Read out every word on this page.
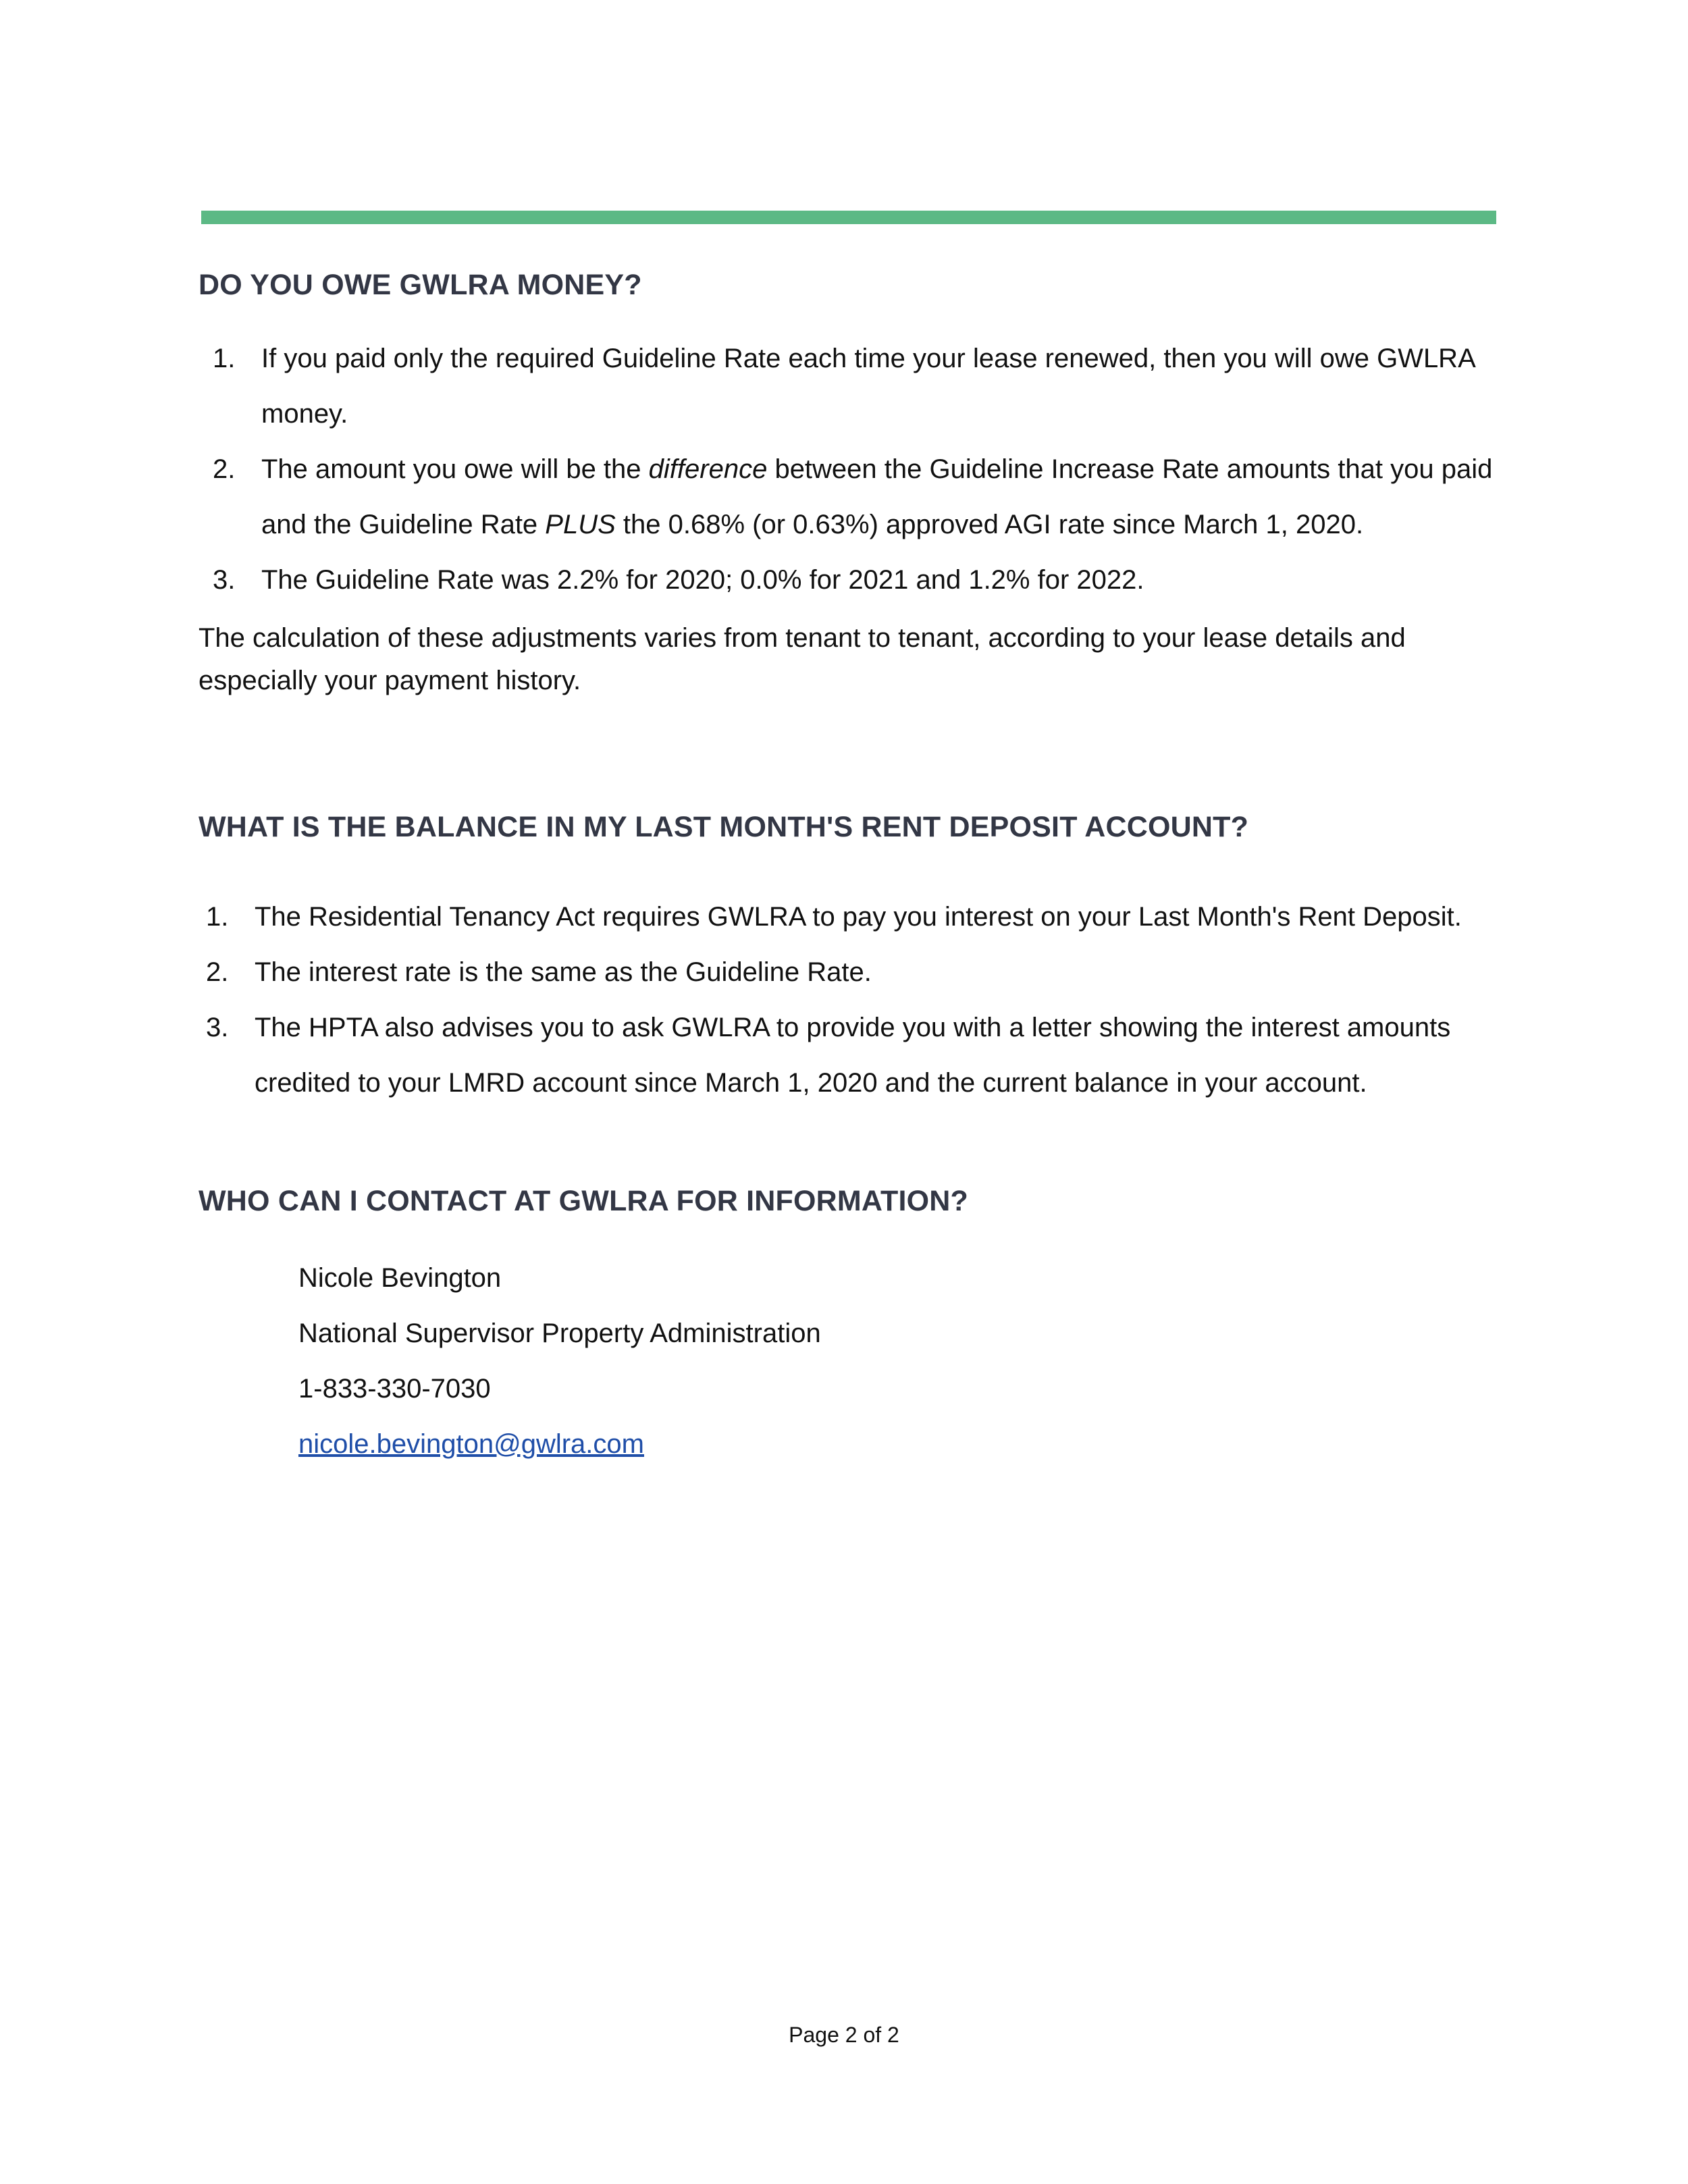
DO YOU OWE GWLRA MONEY?
1. If you paid only the required Guideline Rate each time your lease renewed, then you will owe GWLRA money.
2. The amount you owe will be the difference between the Guideline Increase Rate amounts that you paid and the Guideline Rate PLUS the 0.68% (or 0.63%) approved AGI rate since March 1, 2020.
3. The Guideline Rate was 2.2% for 2020; 0.0% for 2021 and 1.2% for 2022.

The calculation of these adjustments varies from tenant to tenant, according to your lease details and especially your payment history.

WHAT IS THE BALANCE IN MY LAST MONTH'S RENT DEPOSIT ACCOUNT?
1. The Residential Tenancy Act requires GWLRA to pay you interest on your Last Month's Rent Deposit.
2. The interest rate is the same as the Guideline Rate.
3. The HPTA also advises you to ask GWLRA to provide you with a letter showing the interest amounts credited to your LMRD account since March 1, 2020 and the current balance in your account.
WHO CAN I CONTACT AT GWLRA FOR INFORMATION?
Nicole Bevington
National Supervisor Property Administration
1-833-330-7030
nicole.bevington@gwlra.com
Page 2 of 2
